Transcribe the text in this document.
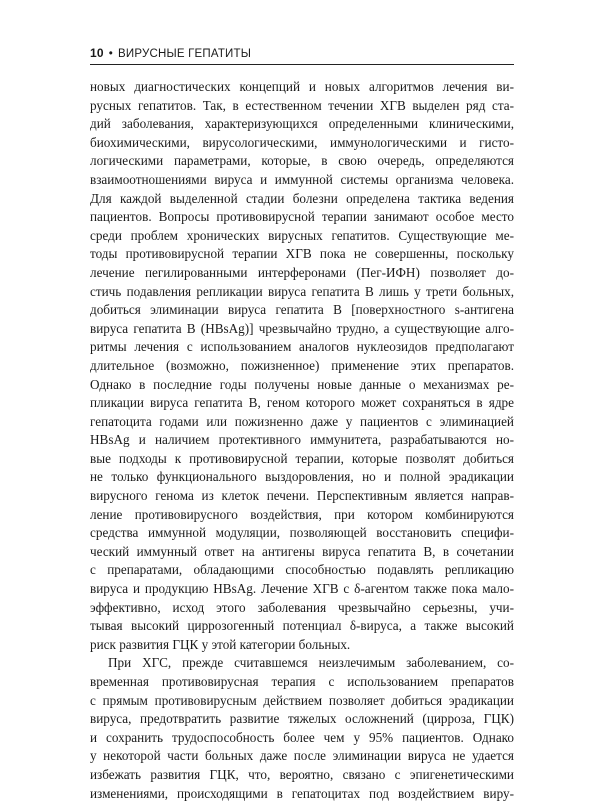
10 • ВИРУСНЫЕ ГЕПАТИТЫ
новых диагностических концепций и новых алгоритмов лечения ви-
русных гепатитов. Так, в естественном течении ХГВ выделен ряд ста-
дий заболевания, характеризующихся определенными клиническими,
биохимическими, вирусологическими, иммунологическими и гисто-
логическими параметрами, которые, в свою очередь, определяются
взаимоотношениями вируса и иммунной системы организма человека.
Для каждой выделенной стадии болезни определена тактика ведения
пациентов. Вопросы противовирусной терапии занимают особое место
среди проблем хронических вирусных гепатитов. Существующие ме-
тоды противовирусной терапии ХГВ пока не совершенны, поскольку
лечение пегилированными интерферонами (Пег-ИФН) позволяет до-
стичь подавления репликации вируса гепатита В лишь у трети больных,
добиться элиминации вируса гепатита В [поверхностного s-антигена
вируса гепатита В (HBsAg)] чрезвычайно трудно, а существующие алго-
ритмы лечения с использованием аналогов нуклеозидов предполагают
длительное (возможно, пожизненное) применение этих препаратов.
Однако в последние годы получены новые данные о механизмах ре-
пликации вируса гепатита В, геном которого может сохраняться в ядре
гепатоцита годами или пожизненно даже у пациентов с элиминацией
HBsAg и наличием протективного иммунитета, разрабатываются но-
вые подходы к противовирусной терапии, которые позволят добиться
не только функционального выздоровления, но и полной эрадикации
вирусного генома из клеток печени. Перспективным является направ-
ление противовирусного воздействия, при котором комбинируются
средства иммунной модуляции, позволяющей восстановить специфи-
ческий иммунный ответ на антигены вируса гепатита В, в сочетании
с препаратами, обладающими способностью подавлять репликацию
вируса и продукцию HBsAg. Лечение ХГВ с δ-агентом также пока мало-
эффективно, исход этого заболевания чрезвычайно серьезны, учи-
тывая высокий цирроз͏огенный потенциал δ-вируса, а также высокий
риск развития ГЦК у этой категории больных.
При ХГС, прежде считавшемся неизлечимым заболеванием, со-
временная противовирусная терапия с использованием препаратов
с прямым противовирусным действием позволяет добиться эрадикации
вируса, предотвратить развитие тяжелых осложнений (цирроза, ГЦК)
и сохранить трудоспособность более чем у 95% пациентов. Однако
у некоторой части больных даже после элиминации вируса не удается
избежать развития ГЦК, что, вероятно, связано с эпигенетическими
изменениями, происходящими в гепатоцитах под воздействием виру-
